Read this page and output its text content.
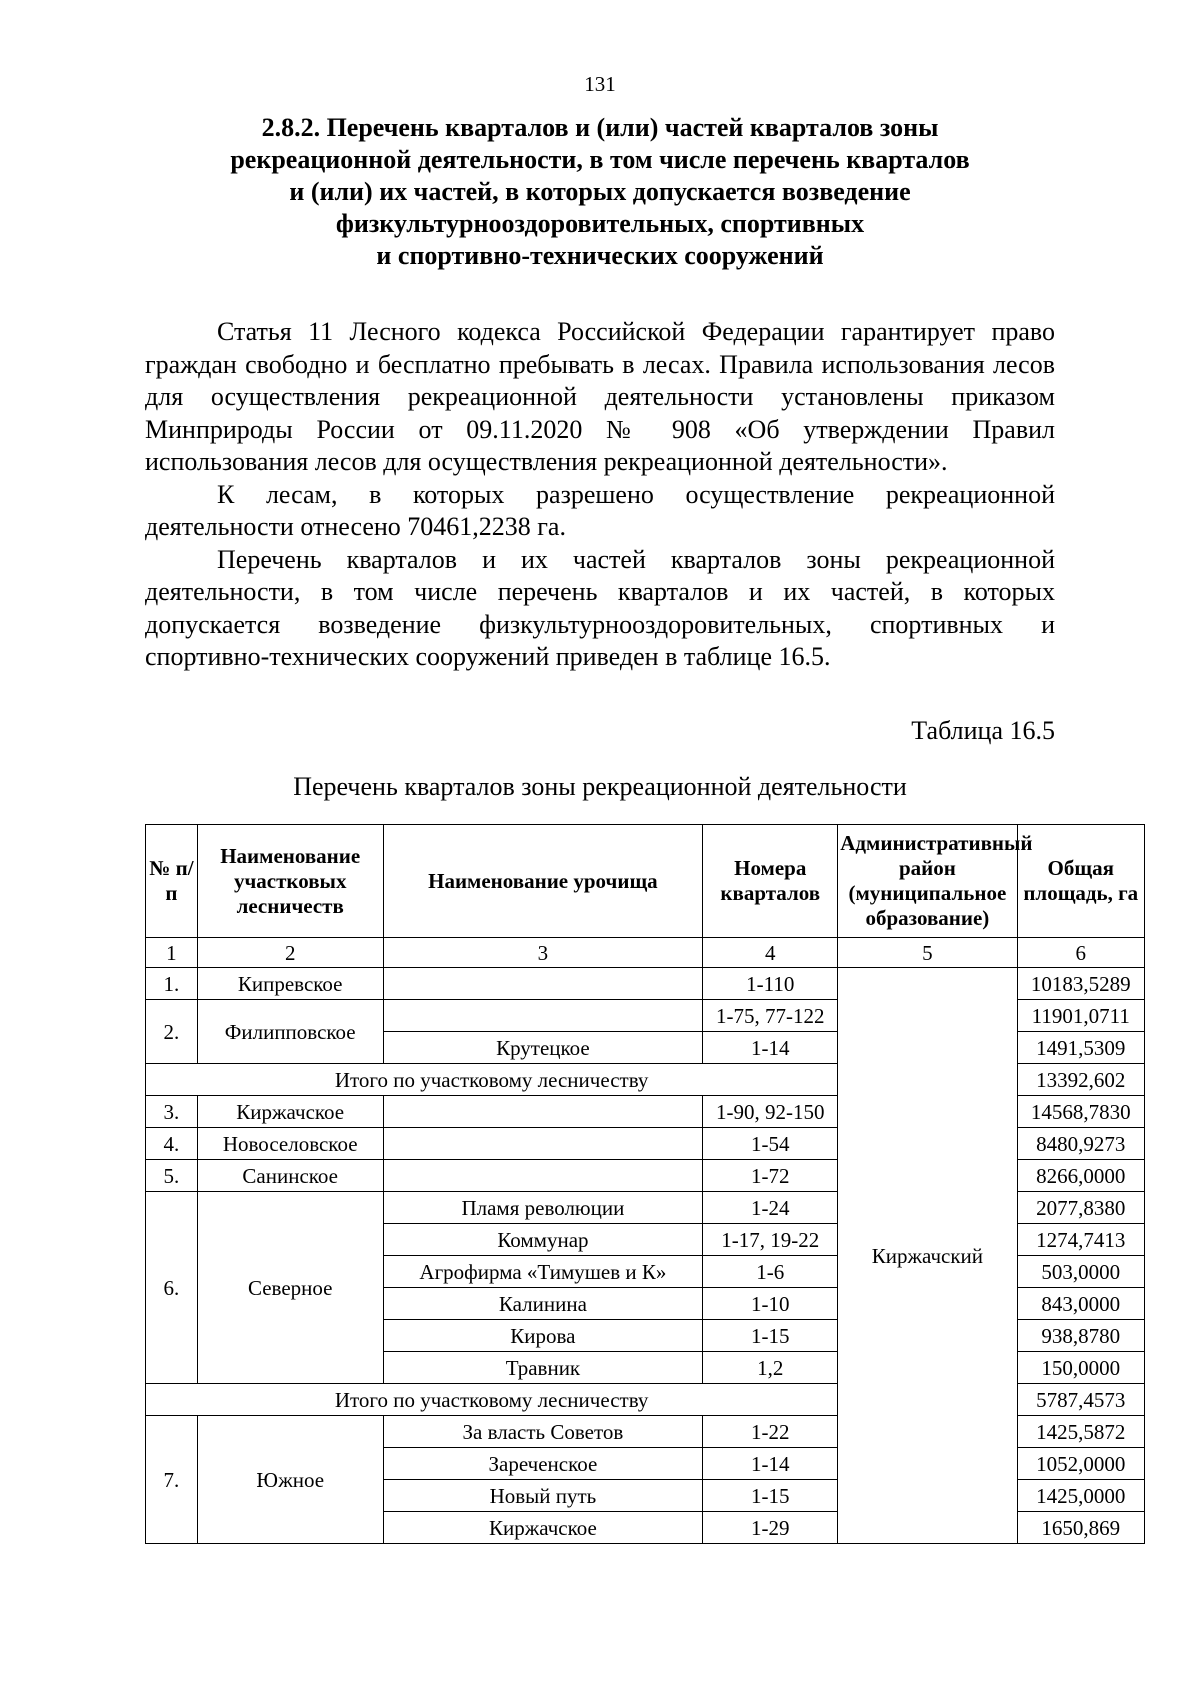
131
2.8.2. Перечень кварталов и (или) частей кварталов зоны
рекреационной деятельности, в том числе перечень кварталов
и (или) их частей, в которых допускается возведение
физкультурнооздоровительных, спортивных
и спортивно-технических сооружений

Статья 11 Лесного кодекса Российской Федерации гарантирует право граждан свободно и бесплатно пребывать в лесах. Правила использования лесов для осуществления рекреационной деятельности установлены приказом Минприроды России от 09.11.2020 № 908 «Об утверждении Правил использования лесов для осуществления рекреационной деятельности».

К лесам, в которых разрешено осуществление рекреационной деятельности отнесено 70461,2238 га.

Перечень кварталов и их частей кварталов зоны рекреационной деятельности, в том числе перечень кварталов и их частей, в которых допускается возведение физкультурнооздоровительных, спортивных и спортивно-технических сооружений приведен в таблице 16.5.

Таблица 16.5
Перечень кварталов зоны рекреационной деятельности
№ п/п	Наименование участковых лесничеств	Наименование урочища	Номера кварталов	Административный район (муниципальное образование)	Общая площадь, га
1	2	3	4	5	6
1.	Кипревское		1-110	Киржачский	10183,5289
2.	Филипповское		1-75, 77-122		11901,0711
		Крутецкое	1-14		1491,5309
Итого по участковому лесничеству					13392,602
3.	Киржачское		1-90, 92-150		14568,7830
4.	Новоселовское		1-54		8480,9273
5.	Санинское		1-72		8266,0000
6.	Северное	Пламя революции	1-24		2077,8380
		Коммунар	1-17, 19-22		1274,7413
		Агрофирма «Тимушев и К»	1-6		503,0000
		Калинина	1-10		843,0000
		Кирова	1-15		938,8780
		Травник	1,2		150,0000
Итого по участковому лесничеству					5787,4573
7.	Южное	За власть Советов	1-22		1425,5872
		Зареченское	1-14		1052,0000
		Новый путь	1-15		1425,0000
		Киржачское	1-29		1650,869
